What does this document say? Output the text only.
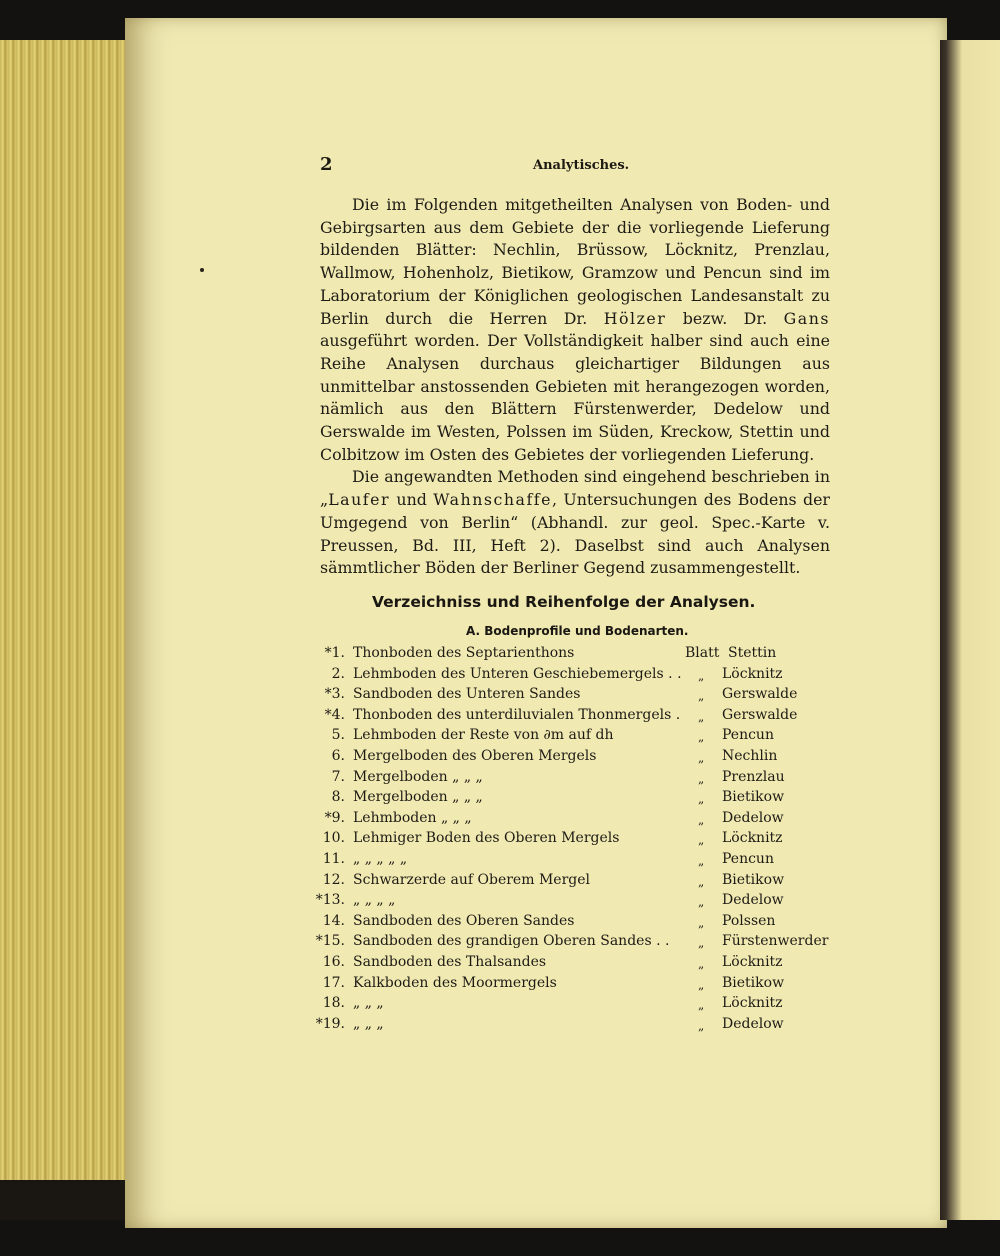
2	Analytisches.

Die im Folgenden mitgetheilten Analysen von Boden- und Gebirgsarten aus dem Gebiete der die vorliegende Lieferung bildenden Blätter: Nechlin, Brüssow, Löcknitz, Prenzlau, Wallmow, Hohenholz, Bietikow, Gramzow und Pencun sind im Laboratorium der Königlichen geologischen Landesanstalt zu Berlin durch die Herren Dr. Hölzer bezw. Dr. Gans ausgeführt worden. Der Vollständigkeit halber sind auch eine Reihe Analysen durchaus gleichartiger Bildungen aus unmittelbar anstossenden Gebieten mit herangezogen worden, nämlich aus den Blättern Fürstenwerder, Dedelow und Gerswalde im Westen, Polssen im Süden, Kreckow, Stettin und Colbitzow im Osten des Gebietes der vorliegenden Lieferung.

Die angewandten Methoden sind eingehend beschrieben in „Laufer und Wahnschaffe, Untersuchungen des Bodens der Umgegend von Berlin“ (Abhandl. zur geol. Spec.-Karte v. Preussen, Bd. III, Heft 2). Daselbst sind auch Analysen sämmtlicher Böden der Berliner Gegend zusammengestellt.

Verzeichniss und Reihenfolge der Analysen.
A. Bodenprofile und Bodenarten.
*1. Thonboden des Septarienthons	Blatt Stettin
2. Lehmboden des Unteren Geschiebemergels . . „ Löcknitz
*3. Sandboden des Unteren Sandes	„ Gerswalde
*4. Thonboden des unterdiluvialen Thonmergels . „ Gerswalde
5. Lehmboden der Reste von ∂m auf dh	„ Pencun
6. Mergelboden des Oberen Mergels	„ Nechlin
7. Mergelboden „ „ „	„ Prenzlau
8. Mergelboden „ „ „	„ Bietikow
*9. Lehmboden „ „ „	„ Dedelow
10. Lehmiger Boden des Oberen Mergels	„ Löcknitz
11. „ „ „ „ „	„ Pencun
12. Schwarzerde auf Oberem Mergel	„ Bietikow
*13. „ „ „ „	„ Dedelow
14. Sandboden des Oberen Sandes	„ Polssen
*15. Sandboden des grandigen Oberen Sandes . . „ Fürstenwerder
16. Sandboden des Thalsandes	„ Löcknitz
17. Kalkboden des Moormergels	„ Bietikow
18. „ „ „	„ Löcknitz
*19. „ „ „	„ Dedelow
